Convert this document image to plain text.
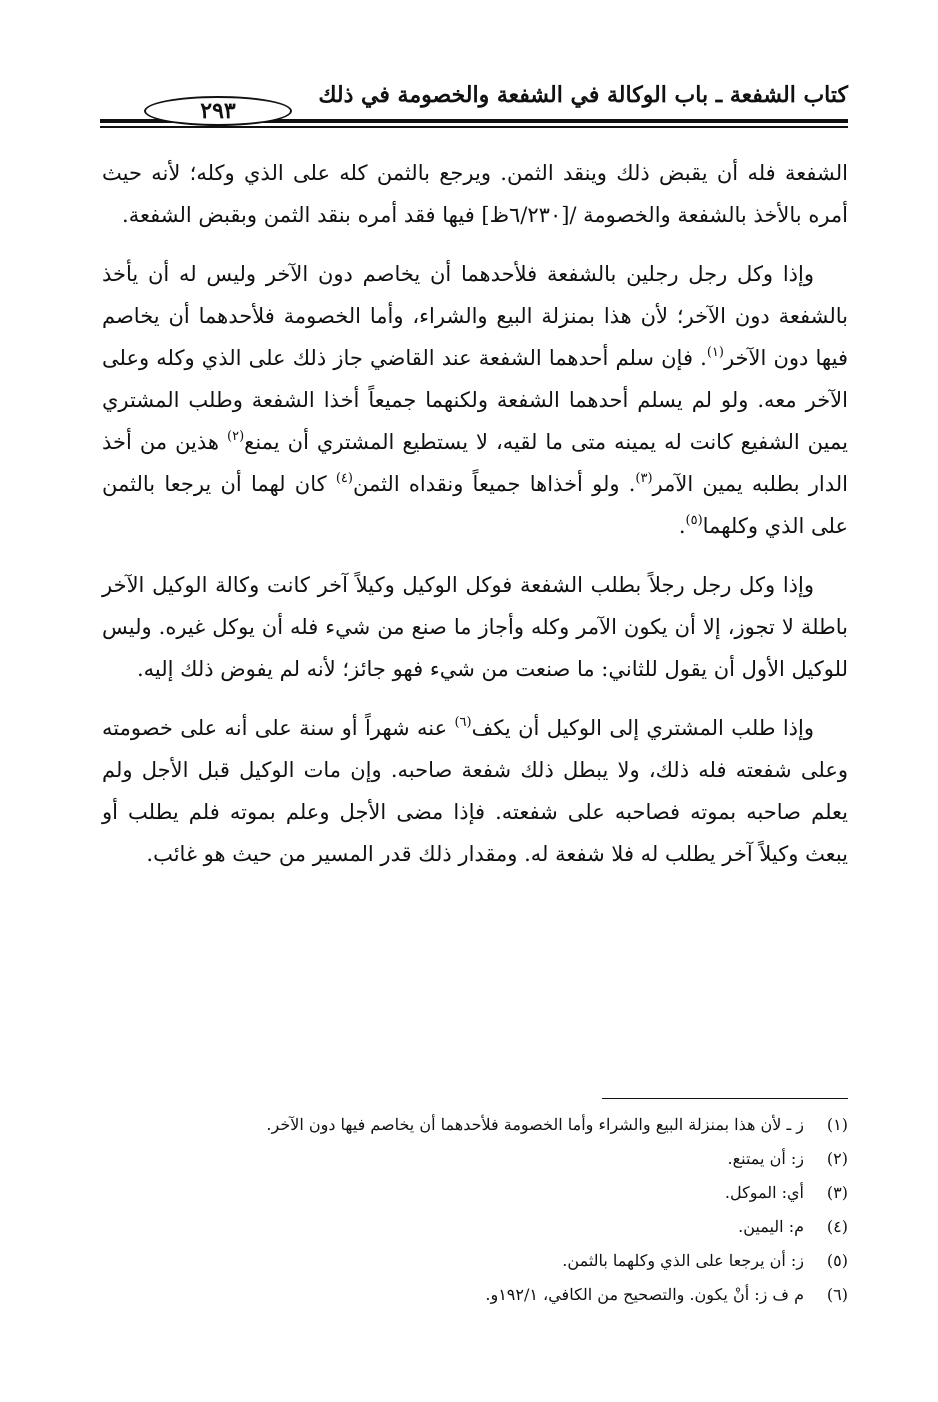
كتاب الشفعة ـ باب الوكالة في الشفعة والخصومة في ذلك
٢٩٣

الشفعة فله أن يقبض ذلك وينقد الثمن. ويرجع بالثمن كله على الذي وكله؛ لأنه حيث أمره بالأخذ بالشفعة والخصومة /[٦/٢٣٠ظ] فيها فقد أمره بنقد الثمن وبقبض الشفعة.

وإذا وكل رجل رجلين بالشفعة فلأحدهما أن يخاصم دون الآخر وليس له أن يأخذ بالشفعة دون الآخر؛ لأن هذا بمنزلة البيع والشراء، وأما الخصومة فلأحدهما أن يخاصم فيها دون الآخر$^{(١)}$. فإن سلم أحدهما الشفعة عند القاضي جاز ذلك على الذي وكله وعلى الآخر معه. ولو لم يسلم أحدهما الشفعة ولكنهما جميعاً أخذا الشفعة وطلب المشتري يمين الشفيع كانت له يمينه متى ما لقيه، لا يستطيع المشتري أن يمنع$^{(٢)}$ هذين من أخذ الدار بطلبه يمين الآمر$^{(٣)}$. ولو أخذاها جميعاً ونقداه الثمن$^{(٤)}$ كان لهما أن يرجعا بالثمن على الذي وكلهما$^{(٥)}$.

وإذا وكل رجل رجلاً بطلب الشفعة فوكل الوكيل وكيلاً آخر كانت وكالة الوكيل الآخر باطلة لا تجوز، إلا أن يكون الآمر وكله وأجاز ما صنع من شيء فله أن يوكل غيره. وليس للوكيل الأول أن يقول للثاني: ما صنعت من شيء فهو جائز؛ لأنه لم يفوض ذلك إليه.

وإذا طلب المشتري إلى الوكيل أن يكف$^{(٦)}$ عنه شهراً أو سنة على أنه على خصومته وعلى شفعته فله ذلك، ولا يبطل ذلك شفعة صاحبه. وإن مات الوكيل قبل الأجل ولم يعلم صاحبه بموته فصاحبه على شفعته. فإذا مضى الأجل وعلم بموته فلم يطلب أو يبعث وكيلاً آخر يطلب له فلا شفعة له. ومقدار ذلك قدر المسير من حيث هو غائب.

(١)ز ـ لأن هذا بمنزلة البيع والشراء وأما الخصومة فلأحدهما أن يخاصم فيها دون الآخر.
(٢)ز: أن يمتنع.
(٣)أي: الموكل.
(٤)م: اليمين.
(٥)ز: أن يرجعا على الذي وكلهما بالثمن.
(٦)م ف ز: أنْ يكون. والتصحيح من الكافي، ١٩٢/١و.
